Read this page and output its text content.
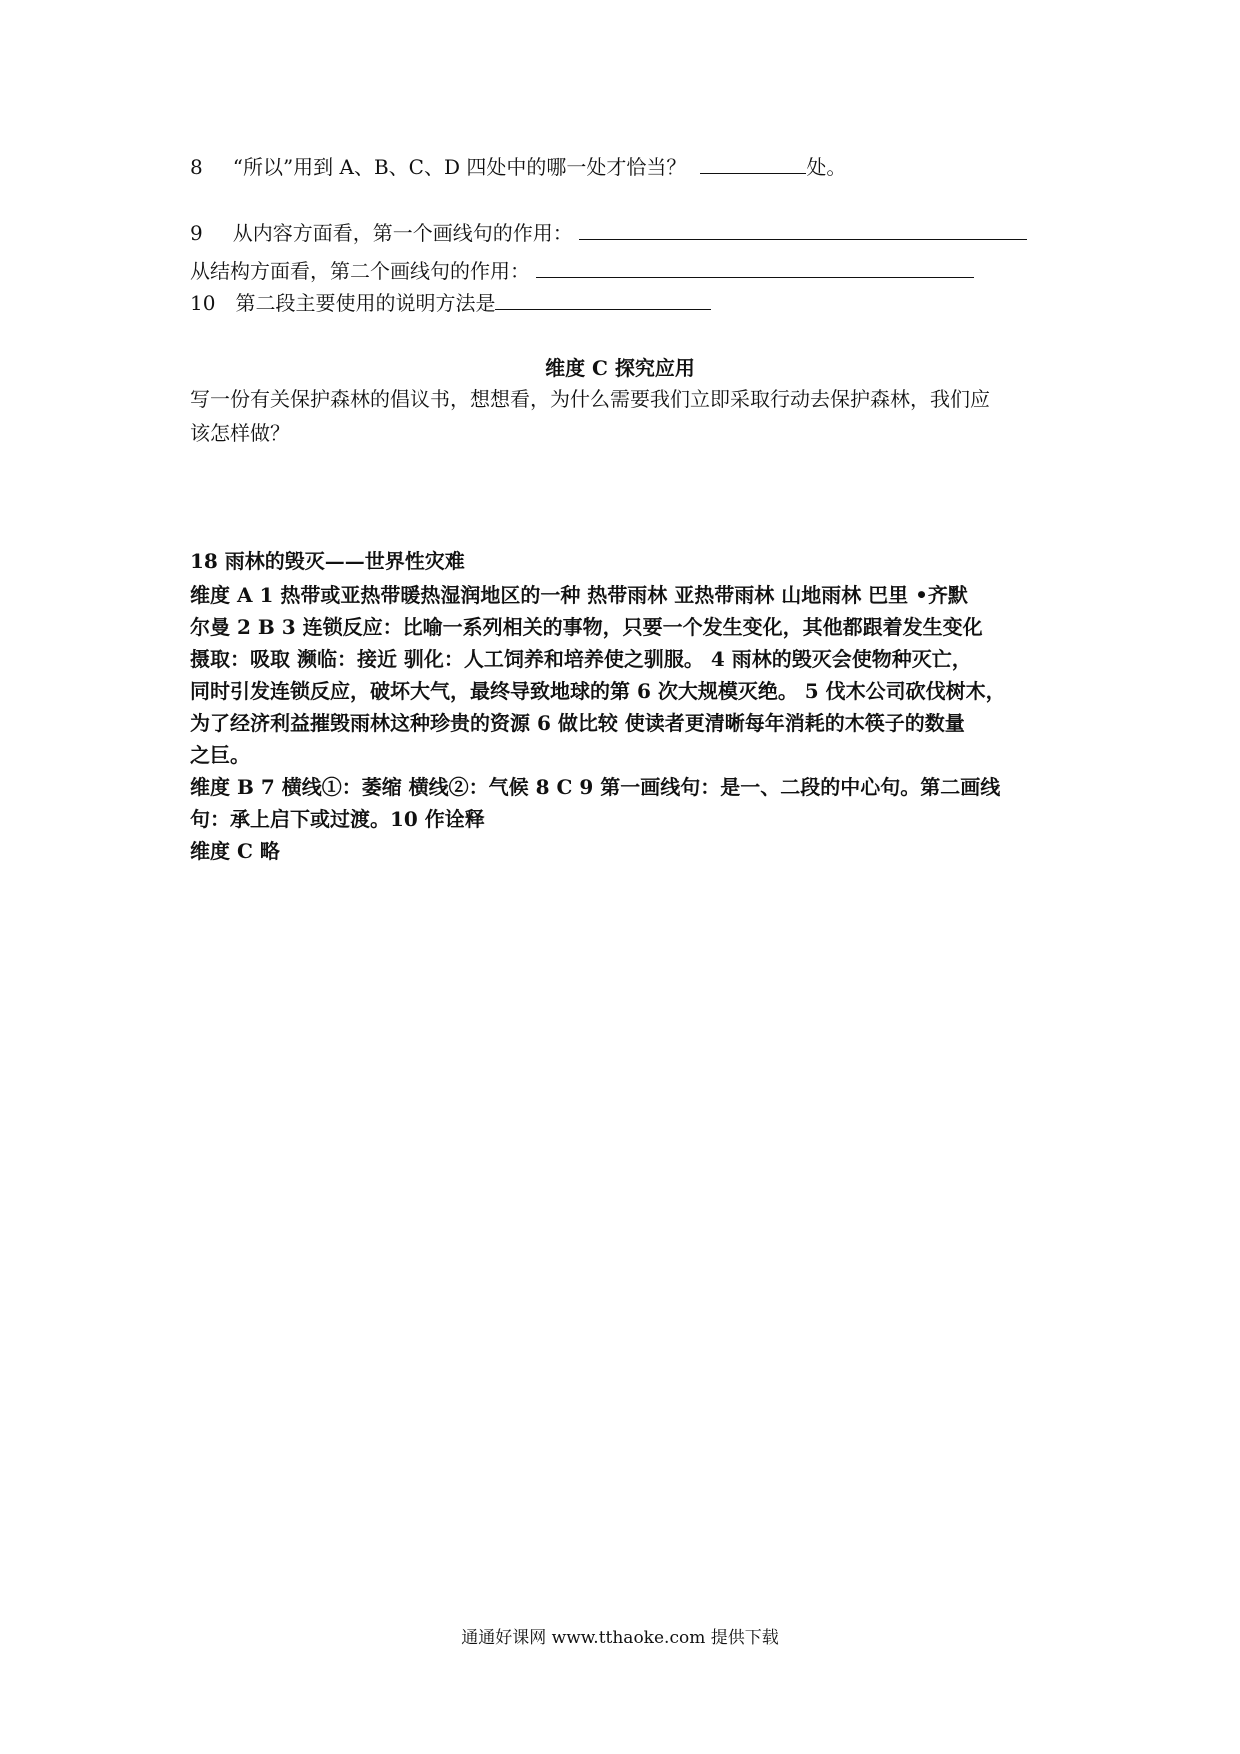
8 “所以”用到 A、B、C、D 四处中的哪一处才恰当？	处。
9 从内容方面看，第一个画线句的作用：
从结构方面看，第二个画线句的作用：
10 第二段主要使用的说明方法是
维度 C 探究应用
写一份有关保护森林的倡议书，想想看，为什么需要我们立即采取行动去保护森林，我们应
该怎样做？
18 雨林的毁灭——世界性灾难
维度 A 1 热带或亚热带暖热湿润地区的一种 热带雨林 亚热带雨林 山地雨林 巴里 •齐默
尔曼 2 B 3 连锁反应：比喻一系列相关的事物，只要一个发生变化，其他都跟着发生变化
摄取：吸取 濒临：接近 驯化：人工饲养和培养使之驯服。 4 雨林的毁灭会使物种灭亡，
同时引发连锁反应，破坏大气，最终导致地球的第 6 次大规模灭绝。 5 伐木公司砍伐树木，
为了经济利益摧毁雨林这种珍贵的资源 6 做比较 使读者更清晰每年消耗的木筷子的数量
之巨。
维度 B 7 横线①：萎缩 横线②：气候 8 C 9 第一画线句：是一、二段的中心句。第二画线
句：承上启下或过渡。10 作诠释
维度 C 略
通通好课网 www.tthaoke.com 提供下载
